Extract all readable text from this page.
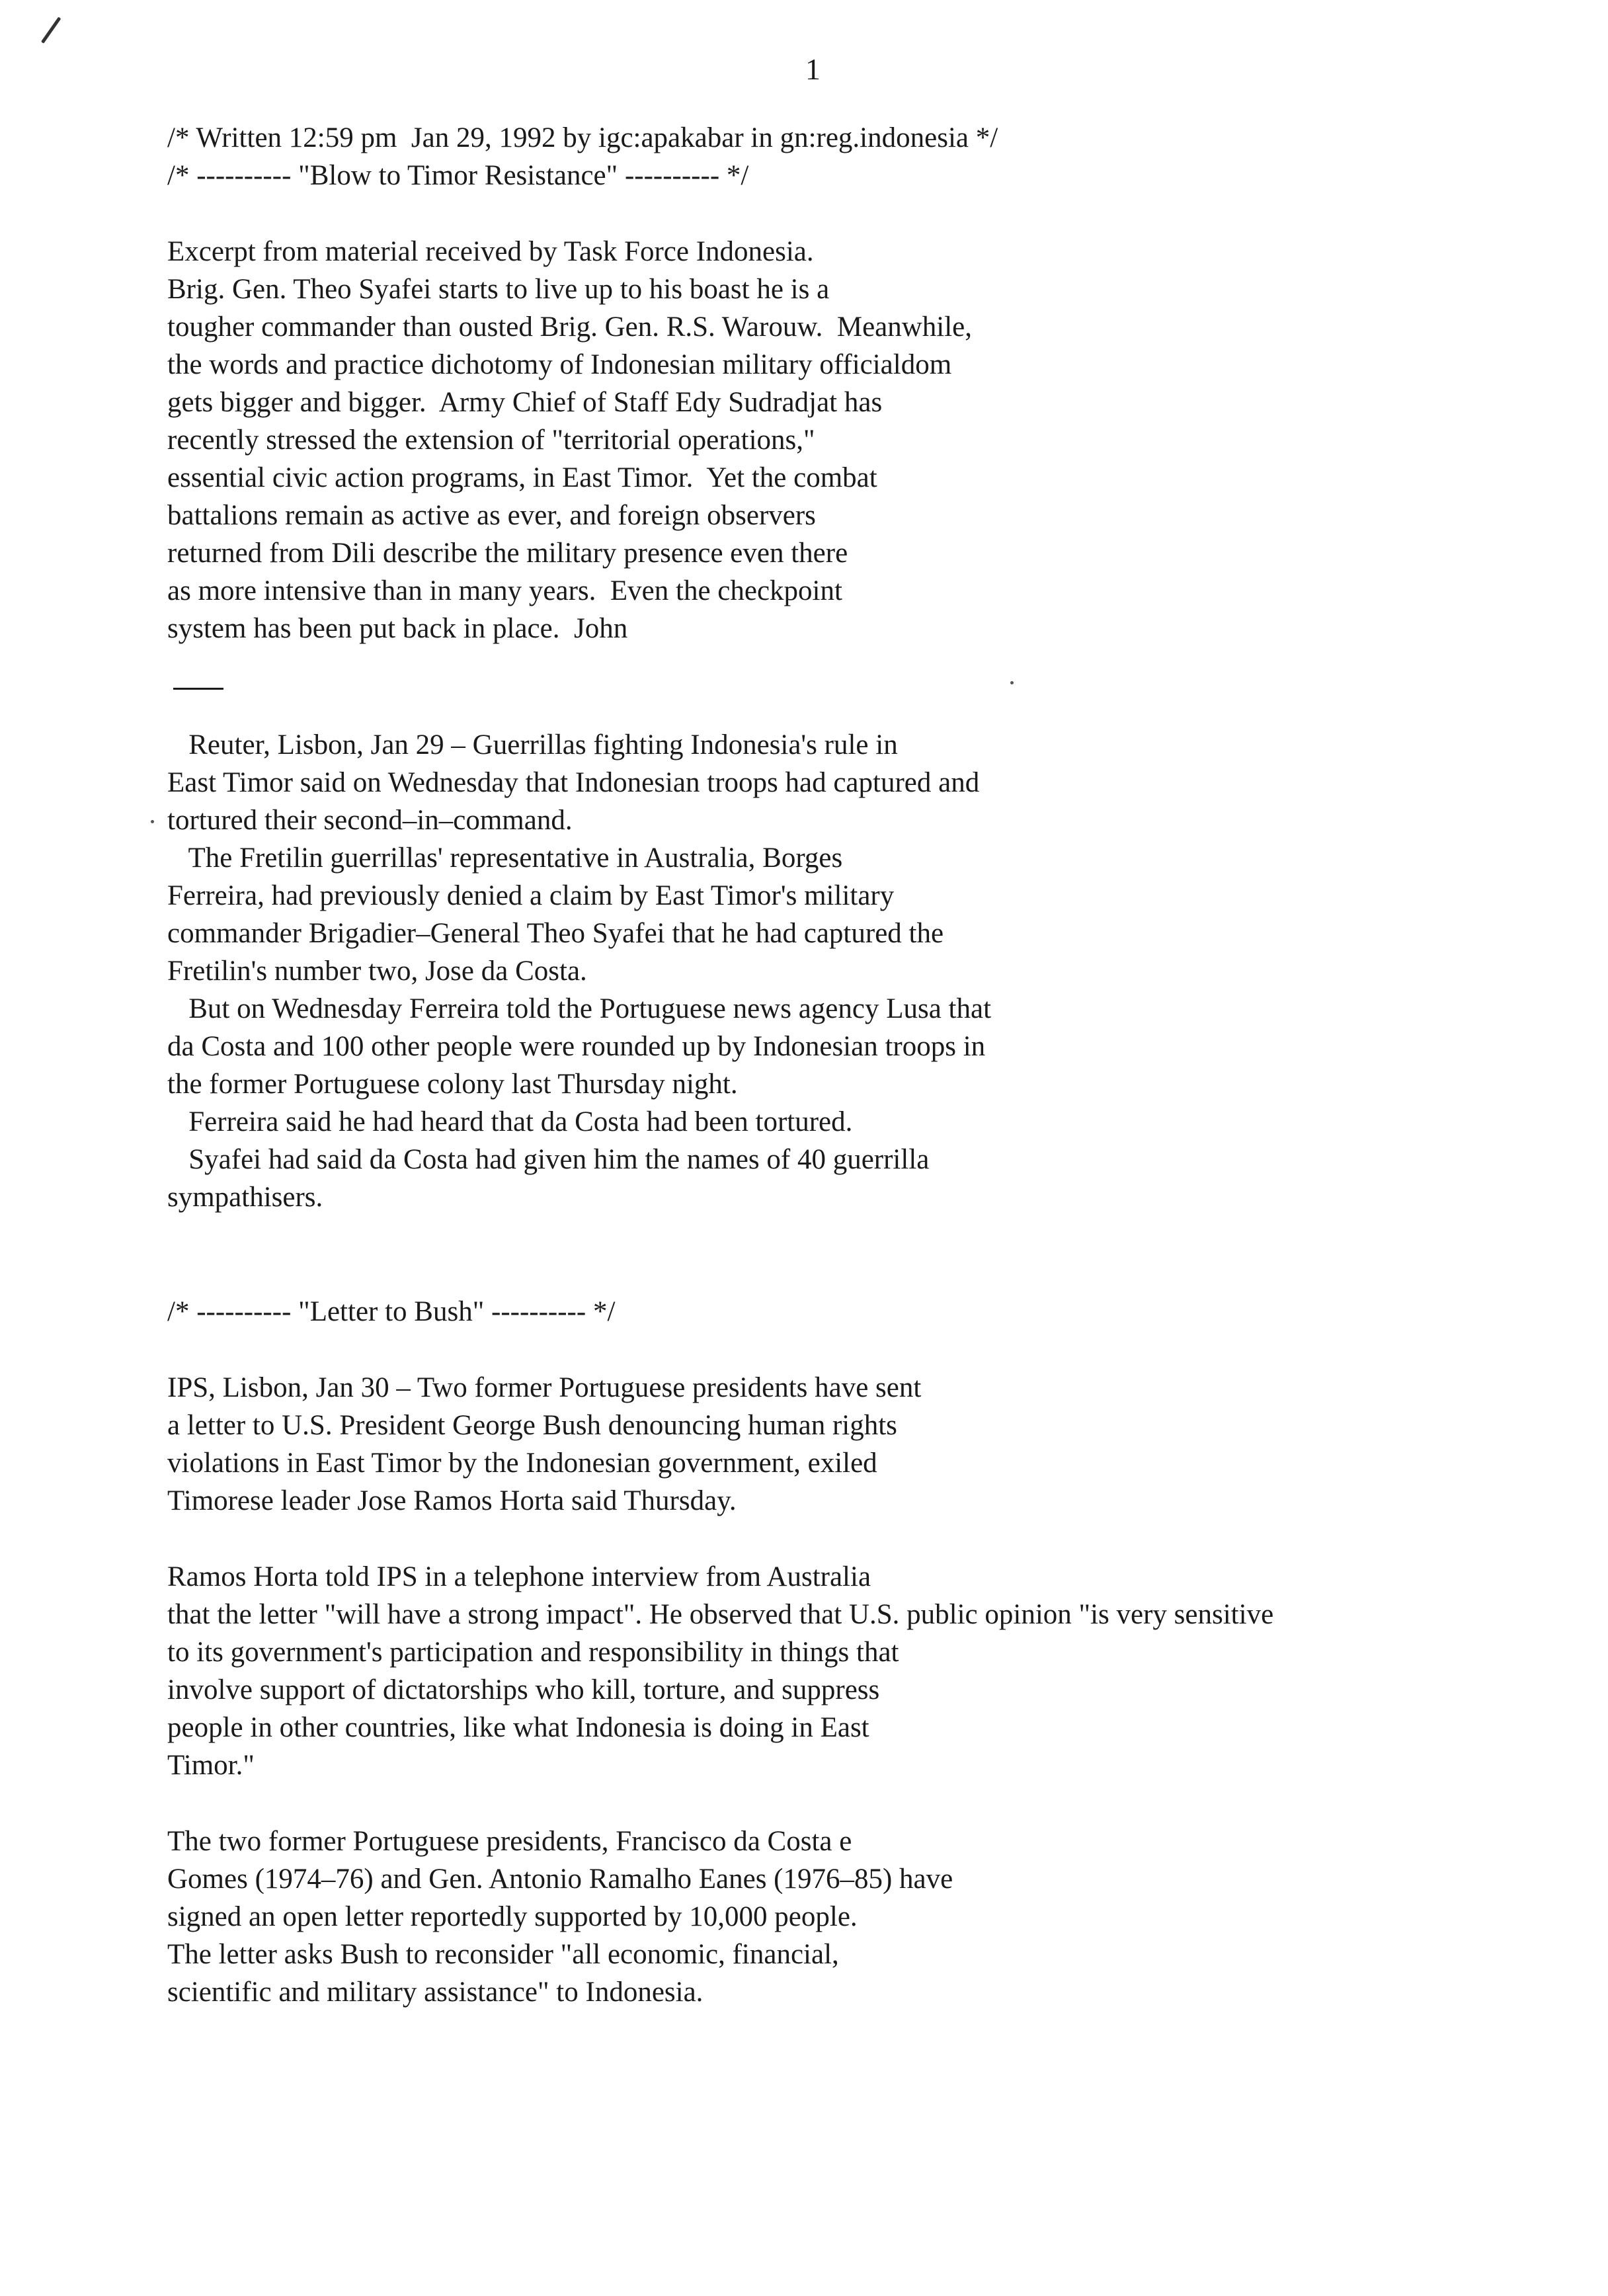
1
/* Written 12:59 pm  Jan 29, 1992 by igc:apakabar in gn:reg.indonesia */
/* ---------- "Blow to Timor Resistance" ---------- */
Excerpt from material received by Task Force Indonesia.
Brig. Gen. Theo Syafei starts to live up to his boast he is a
tougher commander than ousted Brig. Gen. R.S. Warouw.  Meanwhile,
the words and practice dichotomy of Indonesian military officialdom
gets bigger and bigger.  Army Chief of Staff Edy Sudradjat has
recently stressed the extension of "territorial operations,"
essential civic action programs, in East Timor.  Yet the combat
battalions remain as active as ever, and foreign observers
returned from Dili describe the military presence even there
as more intensive than in many years.  Even the checkpoint
system has been put back in place.  John
Reuter, Lisbon, Jan 29 – Guerrillas fighting Indonesia's rule in
East Timor said on Wednesday that Indonesian troops had captured and
tortured their second–in–command.
The Fretilin guerrillas' representative in Australia, Borges
Ferreira, had previously denied a claim by East Timor's military
commander Brigadier–General Theo Syafei that he had captured the
Fretilin's number two, Jose da Costa.
But on Wednesday Ferreira told the Portuguese news agency Lusa that
da Costa and 100 other people were rounded up by Indonesian troops in
the former Portuguese colony last Thursday night.
Ferreira said he had heard that da Costa had been tortured.
Syafei had said da Costa had given him the names of 40 guerrilla
sympathisers.
/* ---------- "Letter to Bush" ---------- */
IPS, Lisbon, Jan 30 – Two former Portuguese presidents have sent
a letter to U.S. President George Bush denouncing human rights
violations in East Timor by the Indonesian government, exiled
Timorese leader Jose Ramos Horta said Thursday.
Ramos Horta told IPS in a telephone interview from Australia
that the letter "will have a strong impact". He observed that U.S. public opinion "is very sensitive
to its government's participation and responsibility in things that
involve support of dictatorships who kill, torture, and suppress
people in other countries, like what Indonesia is doing in East
Timor."
The two former Portuguese presidents, Francisco da Costa e
Gomes (1974–76) and Gen. Antonio Ramalho Eanes (1976–85) have
signed an open letter reportedly supported by 10,000 people.
The letter asks Bush to reconsider "all economic, financial,
scientific and military assistance" to Indonesia.
